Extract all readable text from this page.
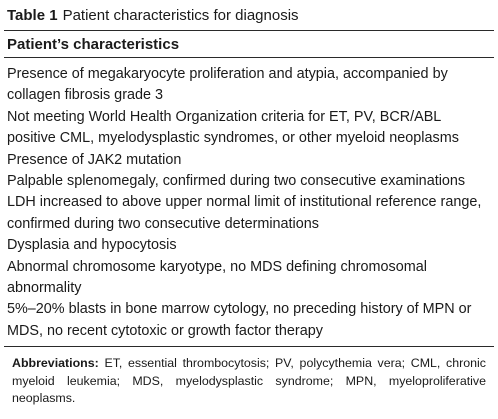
Table 1 Patient characteristics for diagnosis
Patient’s characteristics

Presence of megakaryocyte proliferation and atypia, accompanied by collagen fibrosis grade 3

Not meeting World Health Organization criteria for ET, PV, BCR/ABL positive CML, myelodysplastic syndromes, or other myeloid neoplasms

Presence of JAK2 mutation

Palpable splenomegaly, confirmed during two consecutive examinations

LDH increased to above upper normal limit of institutional reference range, confirmed during two consecutive determinations

Dysplasia and hypocytosis

Abnormal chromosome karyotype, no MDS defining chromosomal abnormality

5%–20% blasts in bone marrow cytology, no preceding history of MPN or MDS, no recent cytotoxic or growth factor therapy

Abbreviations: ET, essential thrombocytosis; PV, polycythemia vera; CML, chronic myeloid leukemia; MDS, myelodysplastic syndrome; MPN, myeloproliferative neoplasms.
